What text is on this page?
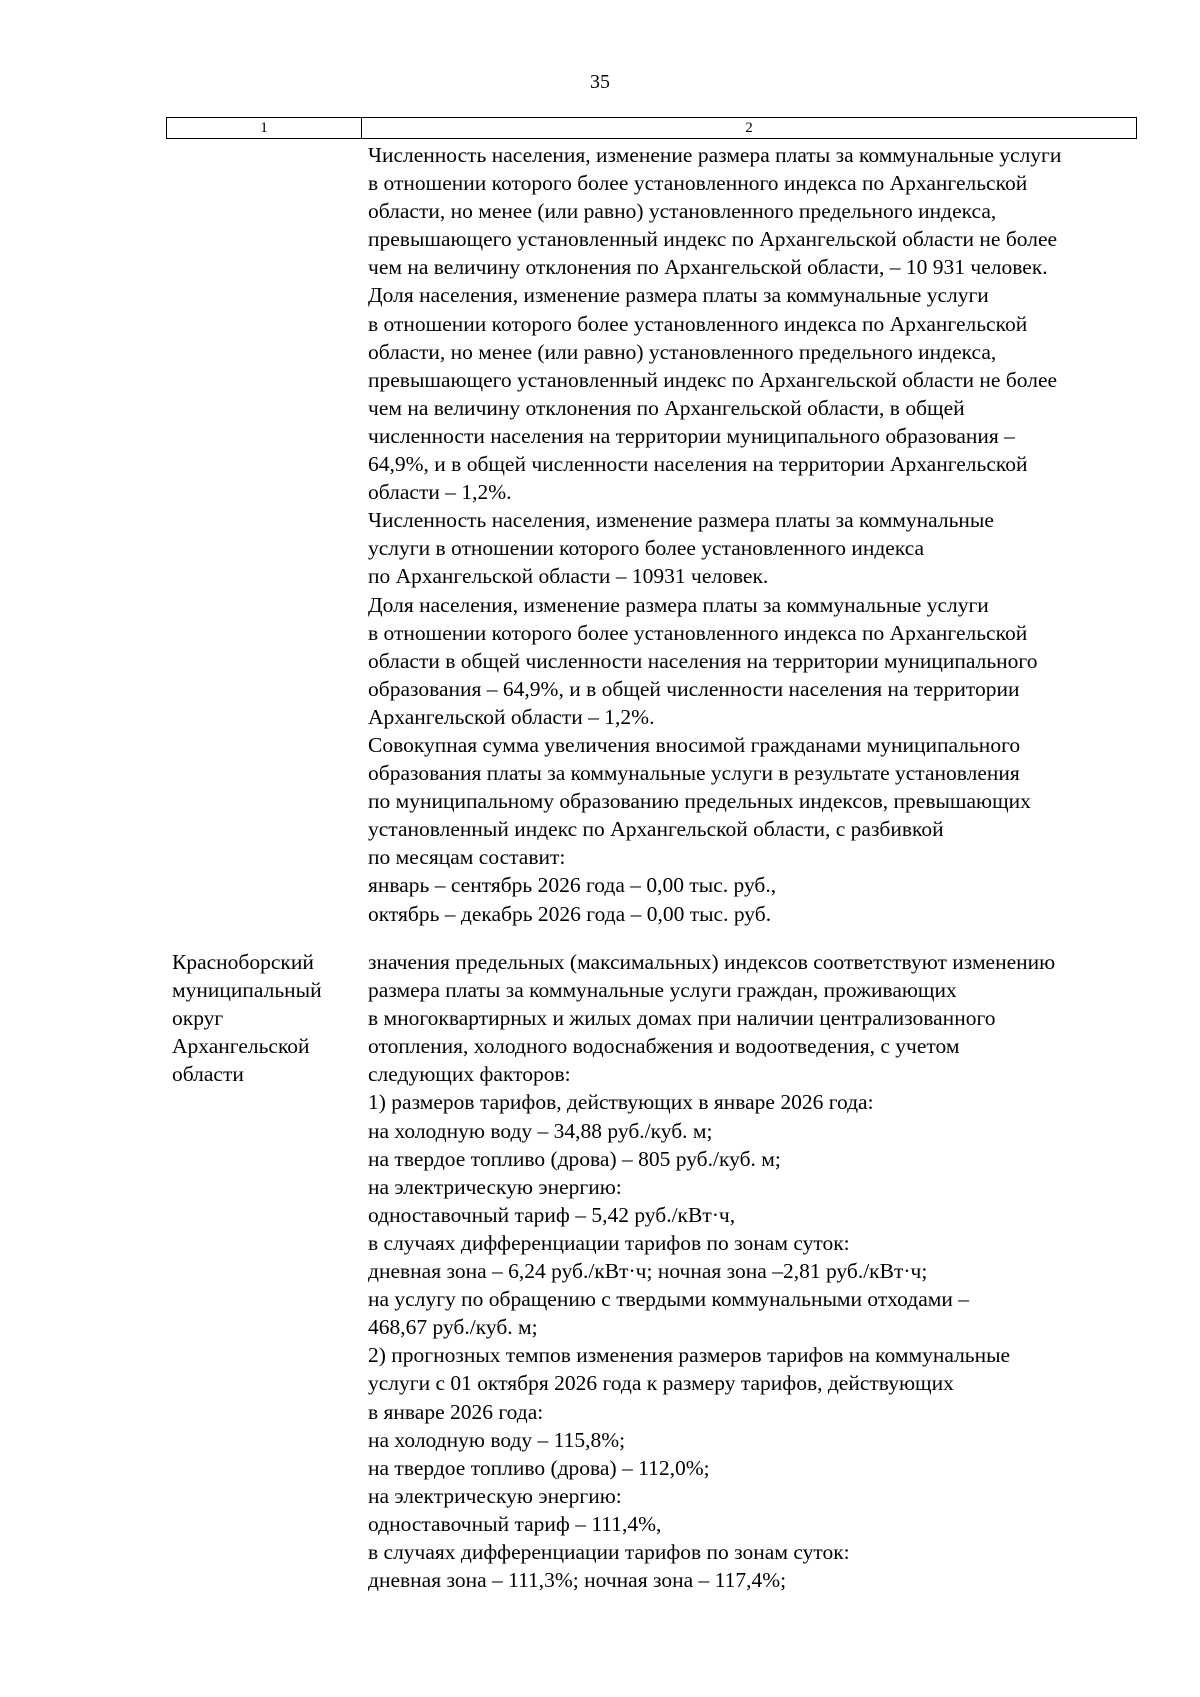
35
1	2
Численность населения, изменение размера платы за коммунальные услуги
в отношении которого более установленного индекса по Архангельской
области, но менее (или равно) установленного предельного индекса,
превышающего установленный индекс по Архангельской области не более
чем на величину отклонения по Архангельской области, – 10 931 человек.
Доля населения, изменение размера платы за коммунальные услуги
в отношении которого более установленного индекса по Архангельской
области, но менее (или равно) установленного предельного индекса,
превышающего установленный индекс по Архангельской области не более
чем на величину отклонения по Архангельской области, в общей
численности населения на территории муниципального образования –
64,9%, и в общей численности населения на территории Архангельской
области – 1,2%.
Численность населения, изменение размера платы за коммунальные
услуги в отношении которого более установленного индекса
по Архангельской области – 10931 человек.
Доля населения, изменение размера платы за коммунальные услуги
в отношении которого более установленного индекса по Архангельской
области в общей численности населения на территории муниципального
образования – 64,9%, и в общей численности населения на территории
Архангельской области – 1,2%.
Совокупная сумма увеличения вносимой гражданами муниципального
образования платы за коммунальные услуги в результате установления
по муниципальному образованию предельных индексов, превышающих
установленный индекс по Архангельской области, с разбивкой
по месяцам составит:
январь – сентябрь 2026 года – 0,00 тыс. руб.,
октябрь – декабрь 2026 года – 0,00 тыс. руб.
Красноборский
муниципальный
округ
Архангельской
области
значения предельных (максимальных) индексов соответствуют изменению
размера платы за коммунальные услуги граждан, проживающих
в многоквартирных и жилых домах при наличии централизованного
отопления, холодного водоснабжения и водоотведения, с учетом
следующих факторов:
1) размеров тарифов, действующих в январе 2026 года:
на холодную воду – 34,88 руб./куб. м;
на твердое топливо (дрова) – 805 руб./куб. м;
на электрическую энергию:
одноставочный тариф – 5,42 руб./кВт·ч,
в случаях дифференциации тарифов по зонам суток:
дневная зона – 6,24 руб./кВт·ч; ночная зона –2,81 руб./кВт·ч;
на услугу по обращению с твердыми коммунальными отходами –
468,67 руб./куб. м;
2) прогнозных темпов изменения размеров тарифов на коммунальные
услуги с 01 октября 2026 года к размеру тарифов, действующих
в январе 2026 года:
на холодную воду – 115,8%;
на твердое топливо (дрова) – 112,0%;
на электрическую энергию:
одноставочный тариф – 111,4%,
в случаях дифференциации тарифов по зонам суток:
дневная зона – 111,3%; ночная зона – 117,4%;
